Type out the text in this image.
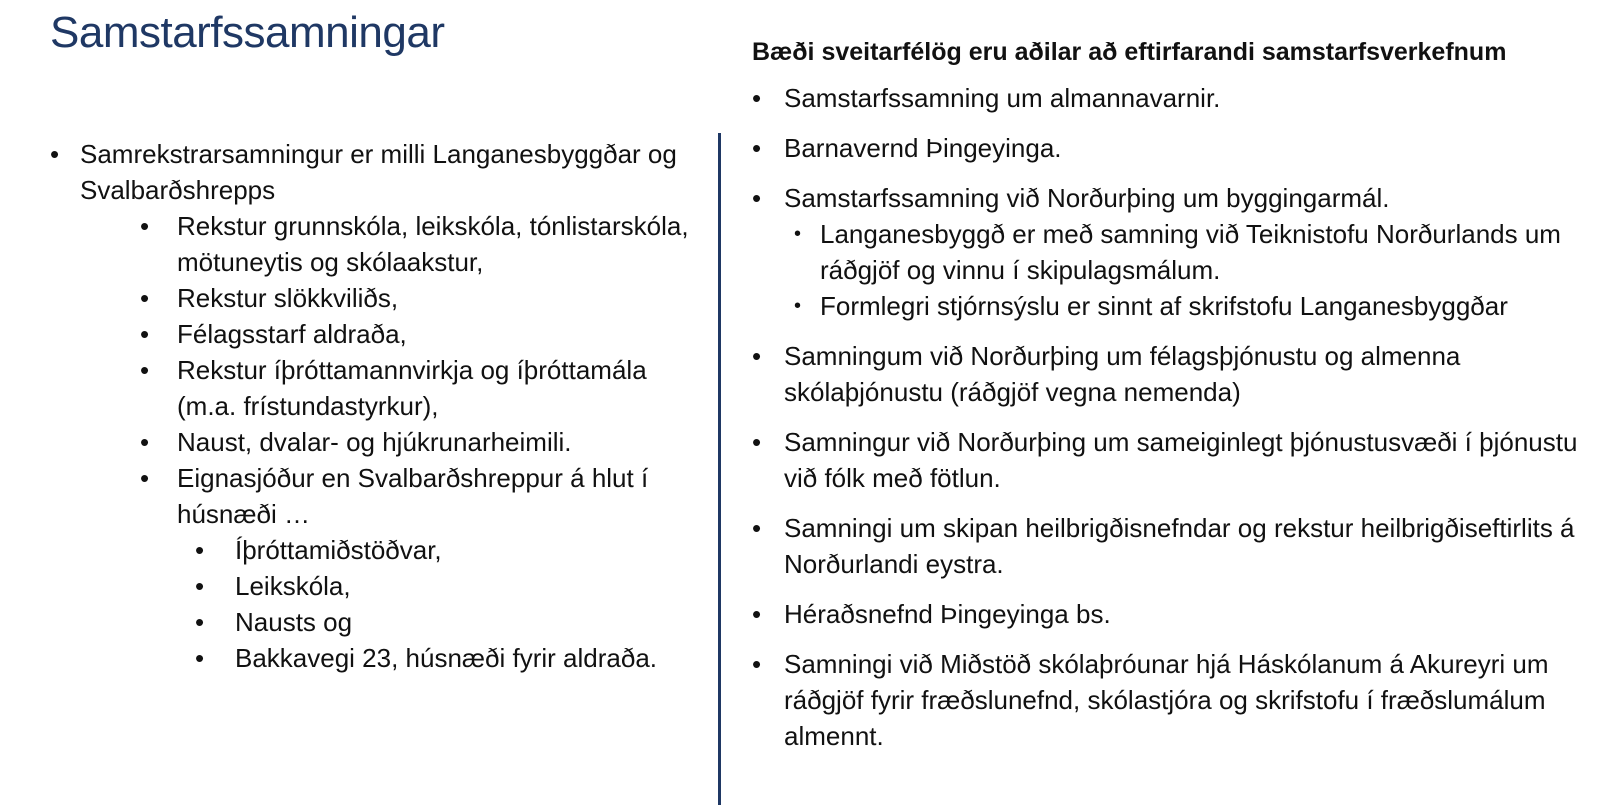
Samstarfssamningar
• Samrekstrarsamningur er milli Langanesbyggðar og Svalbarðshrepps
• Rekstur grunnskóla, leikskóla, tónlistarskóla, mötuneytis og skólaakstur,
• Rekstur slökkviliðs,
• Félagsstarf aldraða,
• Rekstur íþróttamannvirkja og íþróttamála (m.a. frístundastyrkur),
• Naust, dvalar- og hjúkrunarheimili.
• Eignasjóður en Svalbarðshreppur á hlut í húsnæði …
• Íþróttamiðstöðvar,
• Leikskóla,
• Nausts og
• Bakkavegi 23, húsnæði fyrir aldraða.
Bæði sveitarfélög eru aðilar að eftirfarandi samstarfsverkefnum
• Samstarfssamning um almannavarnir.
• Barnavernd Þingeyinga.
• Samstarfssamning við Norðurþing um byggingarmál.
• Langanesbyggð er með samning við Teiknistofu Norðurlands um ráðgjöf og vinnu í skipulagsmálum.
• Formlegri stjórnsýslu er sinnt af skrifstofu Langanesbyggðar
• Samningum við Norðurþing um félagsþjónustu og almenna skólaþjónustu (ráðgjöf vegna nemenda)
• Samningur við Norðurþing um sameiginlegt þjónustusvæði í þjónustu við fólk með fötlun.
• Samningi um skipan heilbrigðisnefndar og rekstur heilbrigðiseftirlits á Norðurlandi eystra.
• Héraðsnefnd Þingeyinga bs.
• Samningi við Miðstöð skólaþróunar hjá Háskólanum á Akureyri um ráðgjöf fyrir fræðslunefnd, skólastjóra og skrifstofu í fræðslumálum almennt.
